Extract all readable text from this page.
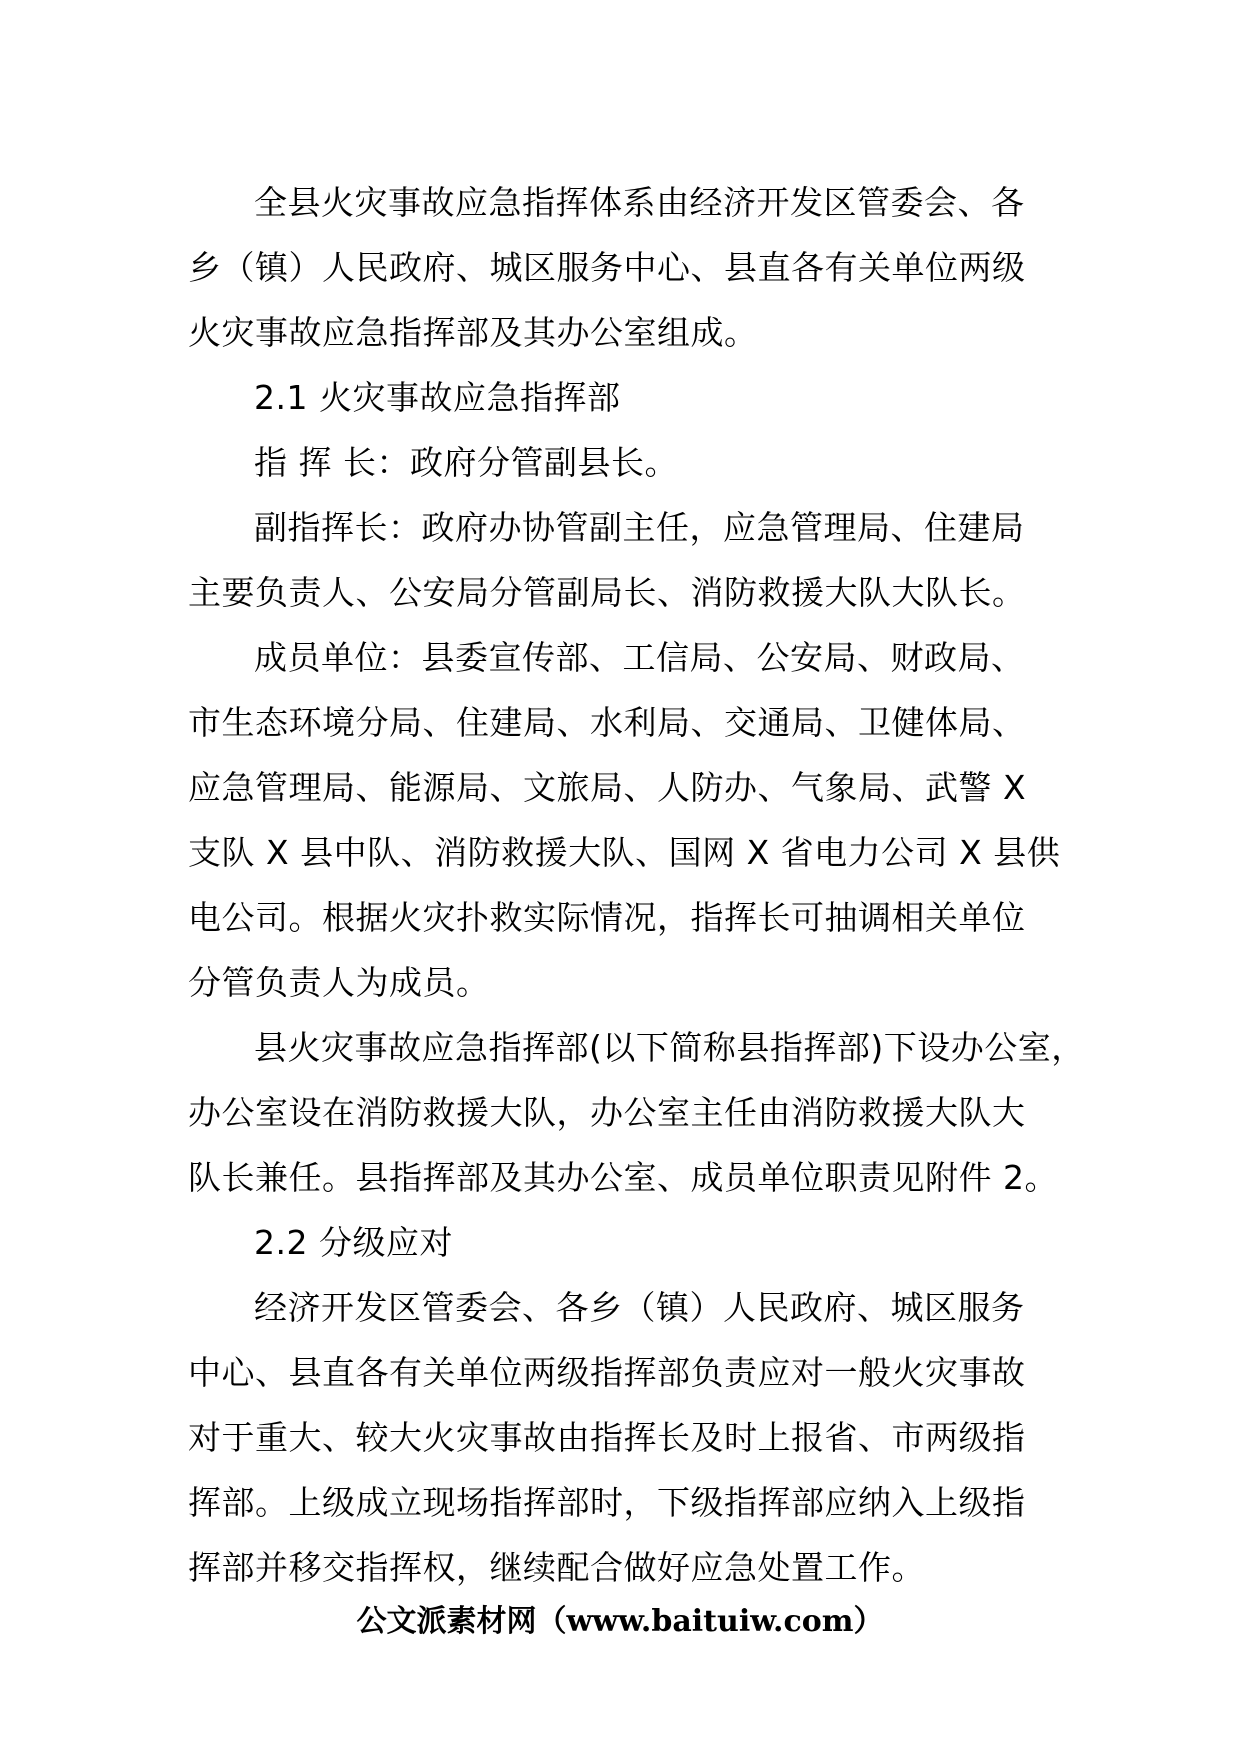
全县火灾事故应急指挥体系由经济开发区管委会、各
乡（镇）人民政府、城区服务中心、县直各有关单位两级
火灾事故应急指挥部及其办公室组成。
2.1 火灾事故应急指挥部
指 挥 长：政府分管副县长。
副指挥长：政府办协管副主任，应急管理局、住建局
主要负责人、公安局分管副局长、消防救援大队大队长。
成员单位：县委宣传部、工信局、公安局、财政局、
市生态环境分局、住建局、水利局、交通局、卫健体局、
应急管理局、能源局、文旅局、人防办、气象局、武警 X
支队 X 县中队、消防救援大队、国网 X 省电力公司 X 县供
电公司。根据火灾扑救实际情况，指挥长可抽调相关单位
分管负责人为成员。
县火灾事故应急指挥部(以下简称县指挥部)下设办公室，
办公室设在消防救援大队，办公室主任由消防救援大队大
队长兼任。县指挥部及其办公室、成员单位职责见附件 2。
2.2 分级应对
经济开发区管委会、各乡（镇）人民政府、城区服务
中心、县直各有关单位两级指挥部负责应对一般火灾事故
对于重大、较大火灾事故由指挥长及时上报省、市两级指
挥部。上级成立现场指挥部时，下级指挥部应纳入上级指
挥部并移交指挥权，继续配合做好应急处置工作。
公文派素材网（www.baituiw.com）
